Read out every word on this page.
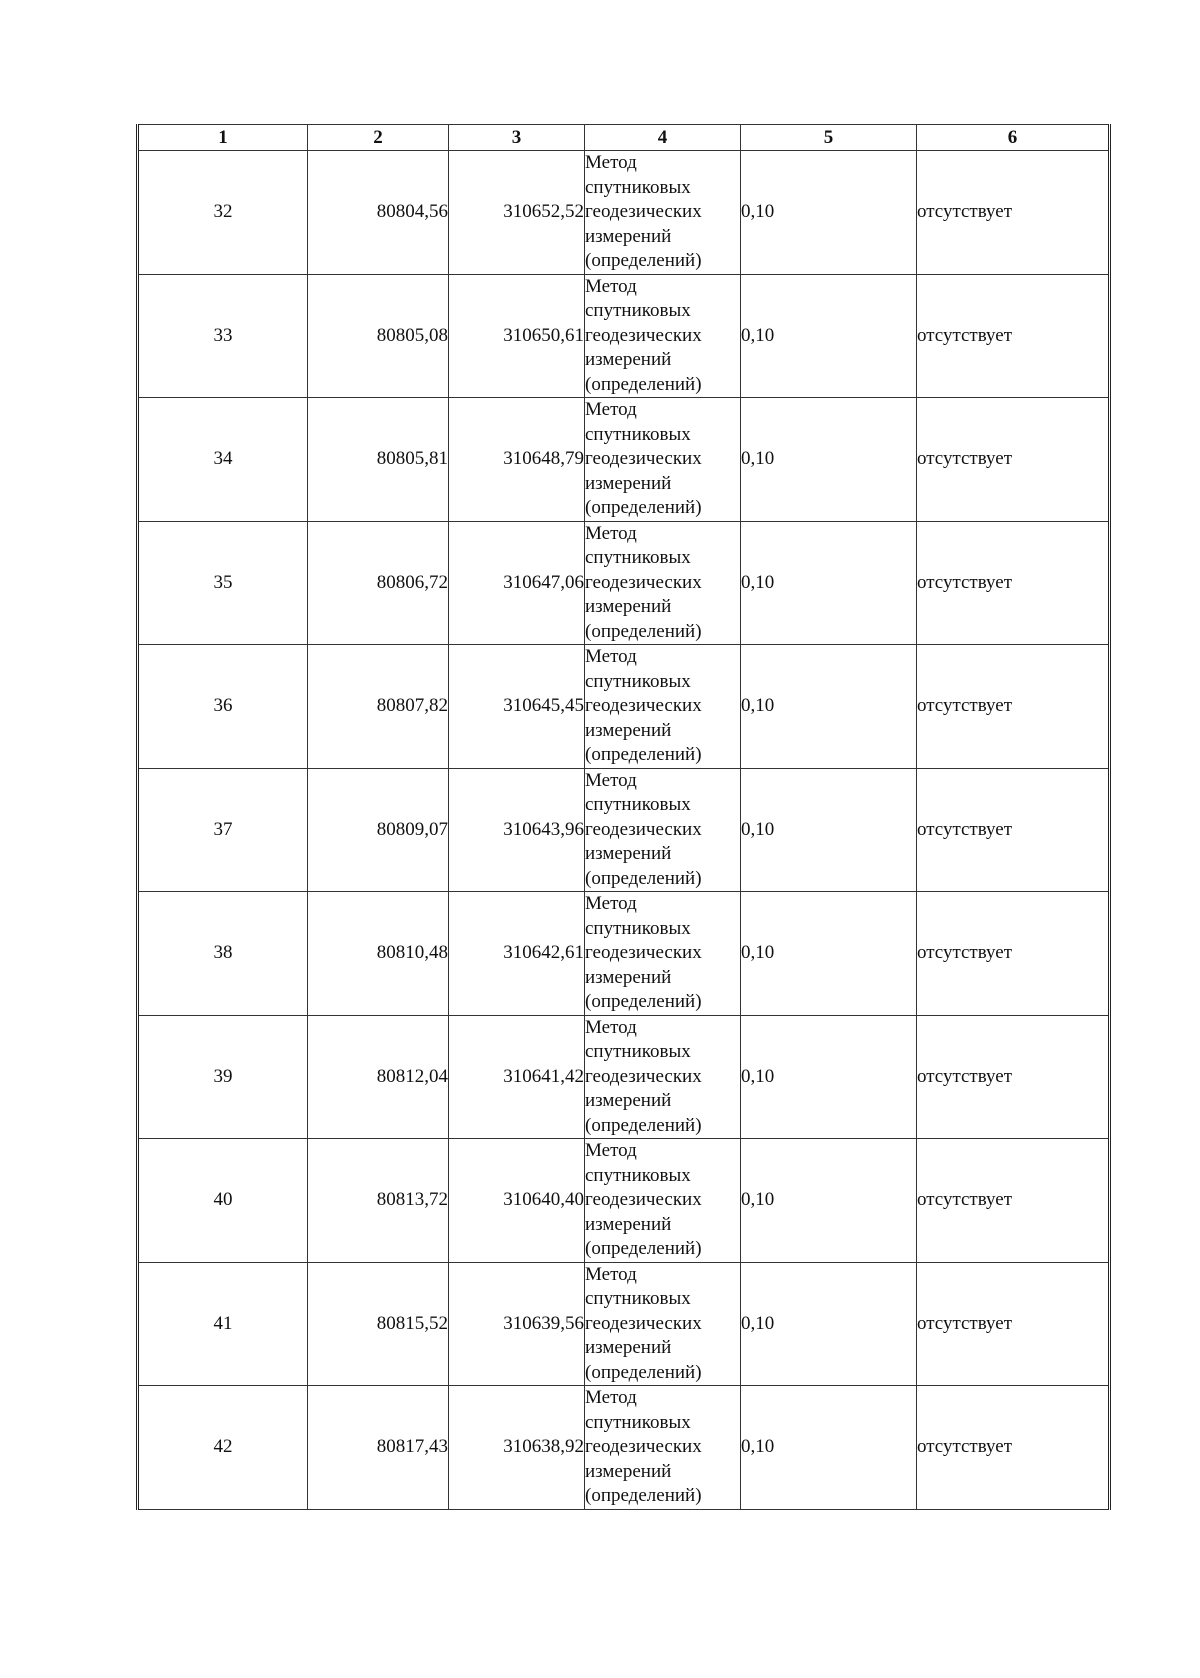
1	2	3	4	5	6
32	80804,56	310652,52	Метод
спутниковых
геодезических
измерений
(определений)	0,10	отсутствует
33	80805,08	310650,61	Метод
спутниковых
геодезических
измерений
(определений)	0,10	отсутствует
34	80805,81	310648,79	Метод
спутниковых
геодезических
измерений
(определений)	0,10	отсутствует
35	80806,72	310647,06	Метод
спутниковых
геодезических
измерений
(определений)	0,10	отсутствует
36	80807,82	310645,45	Метод
спутниковых
геодезических
измерений
(определений)	0,10	отсутствует
37	80809,07	310643,96	Метод
спутниковых
геодезических
измерений
(определений)	0,10	отсутствует
38	80810,48	310642,61	Метод
спутниковых
геодезических
измерений
(определений)	0,10	отсутствует
39	80812,04	310641,42	Метод
спутниковых
геодезических
измерений
(определений)	0,10	отсутствует
40	80813,72	310640,40	Метод
спутниковых
геодезических
измерений
(определений)	0,10	отсутствует
41	80815,52	310639,56	Метод
спутниковых
геодезических
измерений
(определений)	0,10	отсутствует
42	80817,43	310638,92	Метод
спутниковых
геодезических
измерений
(определений)	0,10	отсутствует
